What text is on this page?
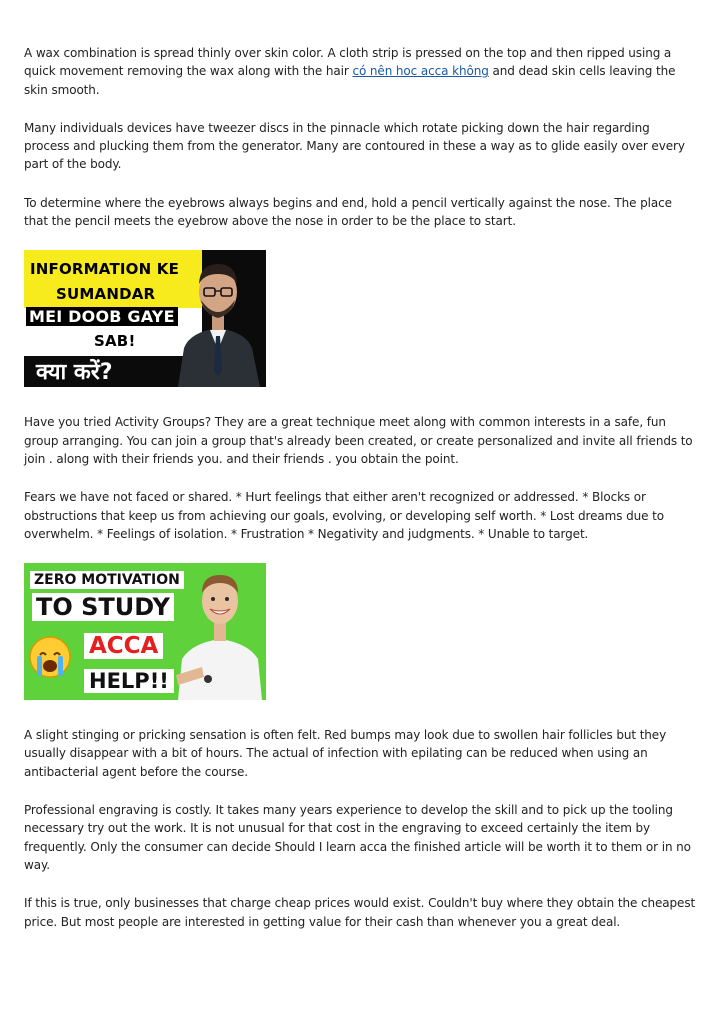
A wax combination is spread thinly over skin color. A cloth strip is pressed on the top and then ripped using a quick movement removing the wax along with the hair có nên hoc acca không and dead skin cells leaving the skin smooth.

Many individuals devices have tweezer discs in the pinnacle which rotate picking down the hair regarding process and plucking them from the generator. Many are contoured in these a way as to glide easily over every part of the body.

To determine where the eyebrows always begins and end, hold a pencil vertically against the nose. The place that the pencil meets the eyebrow above the nose in order to be the place to start.

INFORMATION KE
SUMANDAR
MEI DOOB GAYE
SAB!
क्या करें?

Have you tried Activity Groups? They are a great technique meet along with common interests in a safe, fun group arranging. You can join a group that's already been created, or create personalized and invite all friends to join . along with their friends you. and their friends . you obtain the point.

Fears we have not faced or shared. * Hurt feelings that either aren't recognized or addressed. * Blocks or obstructions that keep us from achieving our goals, evolving, or developing self worth. * Lost dreams due to overwhelm. * Feelings of isolation. * Frustration * Negativity and judgments. * Unable to target.

ZERO MOTIVATION
TO STUDY
ACCA
HELP!!

A slight stinging or pricking sensation is often felt. Red bumps may look due to swollen hair follicles but they usually disappear with a bit of hours. The actual of infection with epilating can be reduced when using an antibacterial agent before the course.

Professional engraving is costly. It takes many years experience to develop the skill and to pick up the tooling necessary try out the work. It is not unusual for that cost in the engraving to exceed certainly the item by frequently. Only the consumer can decide Should I learn acca the finished article will be worth it to them or in no way.

If this is true, only businesses that charge cheap prices would exist. Couldn't buy where they obtain the cheapest price. But most people are interested in getting value for their cash than whenever you a great deal.
